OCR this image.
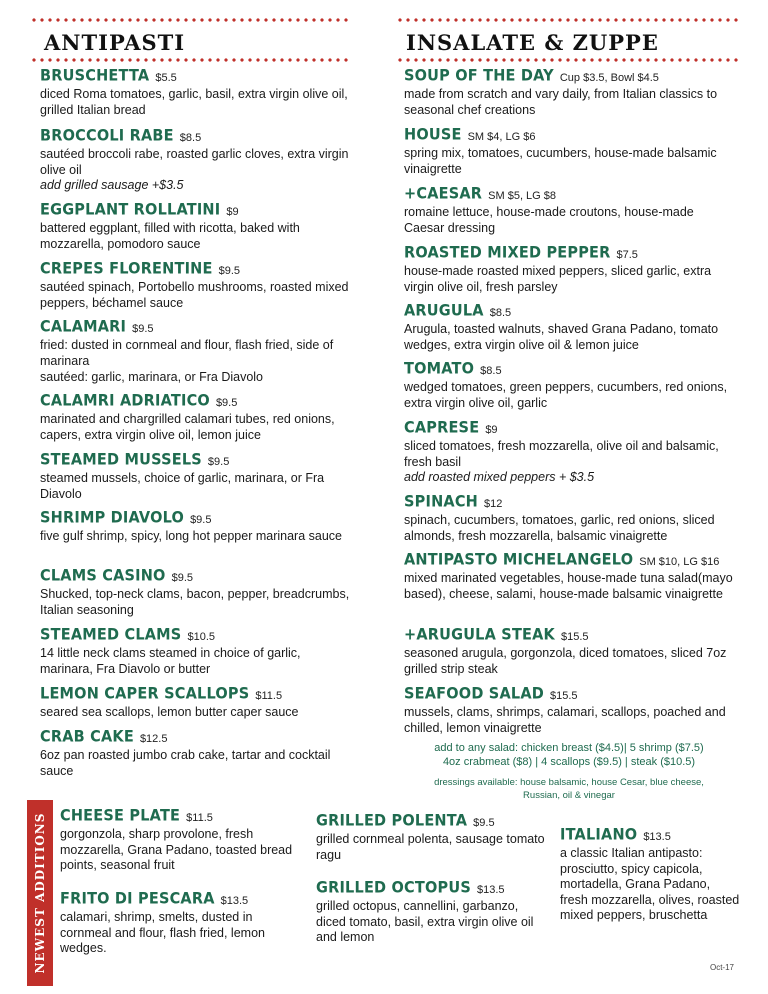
ANTIPASTI	INSALATE & ZUPPE
BRUSCHETTA $5.5
diced Roma tomatoes, garlic, basil, extra virgin olive oil, grilled Italian bread
BROCCOLI RABE $8.5
sautéed broccoli rabe, roasted garlic cloves, extra virgin olive oil
add grilled sausage +$3.5
EGGPLANT ROLLATINI $9
battered eggplant, filled with ricotta, baked with mozzarella, pomodoro sauce
CREPES FLORENTINE $9.5
sautéed spinach, Portobello mushrooms, roasted mixed peppers, béchamel sauce
CALAMARI $9.5
fried: dusted in cornmeal and flour, flash fried, side of marinara
sautéed: garlic, marinara, or Fra Diavolo
CALAMRI ADRIATICO $9.5
marinated and chargrilled calamari tubes, red onions, capers, extra virgin olive oil, lemon juice
STEAMED MUSSELS $9.5
steamed mussels, choice of garlic, marinara, or Fra Diavolo
SHRIMP DIAVOLO $9.5
five gulf shrimp, spicy, long hot pepper marinara sauce
CLAMS CASINO $9.5
Shucked, top-neck clams, bacon, pepper, breadcrumbs, Italian seasoning
STEAMED CLAMS $10.5
14 little neck clams steamed in choice of garlic, marinara, Fra Diavolo or butter
LEMON CAPER SCALLOPS $11.5
seared sea scallops, lemon butter caper sauce
CRAB CAKE $12.5
6oz pan roasted jumbo crab cake, tartar and cocktail sauce
SOUP OF THE DAY Cup $3.5, Bowl $4.5
made from scratch and vary daily, from Italian classics to seasonal chef creations
HOUSE SM $4, LG $6
spring mix, tomatoes, cucumbers, house-made balsamic vinaigrette
+CAESAR SM $5, LG $8
romaine lettuce, house-made croutons, house-made Caesar dressing
ROASTED MIXED PEPPER $7.5
house-made roasted mixed peppers, sliced garlic, extra virgin olive oil, fresh parsley
ARUGULA $8.5
Arugula, toasted walnuts, shaved Grana Padano, tomato wedges, extra virgin olive oil & lemon juice
TOMATO $8.5
wedged tomatoes, green peppers, cucumbers, red onions, extra virgin olive oil, garlic
CAPRESE $9
sliced tomatoes, fresh mozzarella, olive oil and balsamic, fresh basil
add roasted mixed peppers + $3.5
SPINACH $12
spinach, cucumbers, tomatoes, garlic, red onions, sliced almonds, fresh mozzarella, balsamic vinaigrette
ANTIPASTO MICHELANGELO SM $10, LG $16
mixed marinated vegetables, house-made tuna salad(mayo based), cheese, salami, house-made balsamic vinaigrette
+ARUGULA STEAK $15.5
seasoned arugula, gorgonzola, diced tomatoes, sliced 7oz grilled strip steak
SEAFOOD SALAD $15.5
mussels, clams, shrimps, calamari, scallops, poached and chilled, lemon vinaigrette
add to any salad: chicken breast ($4.5)| 5 shrimp ($7.5)
4oz crabmeat ($8) | 4 scallops ($9.5) | steak ($10.5)
dressings available: house balsamic, house Cesar, blue cheese,
Russian, oil & vinegar
NEWEST ADDITIONS CHEESE PLATE $11.5
gorgonzola, sharp provolone, fresh mozzarella, Grana Padano, toasted bread points, seasonal fruit
FRITO DI PESCARA $13.5
calamari, shrimp, smelts, dusted in cornmeal and flour, flash fried, lemon wedges.
GRILLED POLENTA $9.5
grilled cornmeal polenta, sausage tomato ragu
GRILLED OCTOPUS $13.5
grilled octopus, cannellini, garbanzo, diced tomato, basil, extra virgin olive oil and lemon
ITALIANO $13.5
a classic Italian antipasto: prosciutto, spicy capicola, mortadella, Grana Padano, fresh mozzarella, olives, roasted mixed peppers, bruschetta
Oct-17
